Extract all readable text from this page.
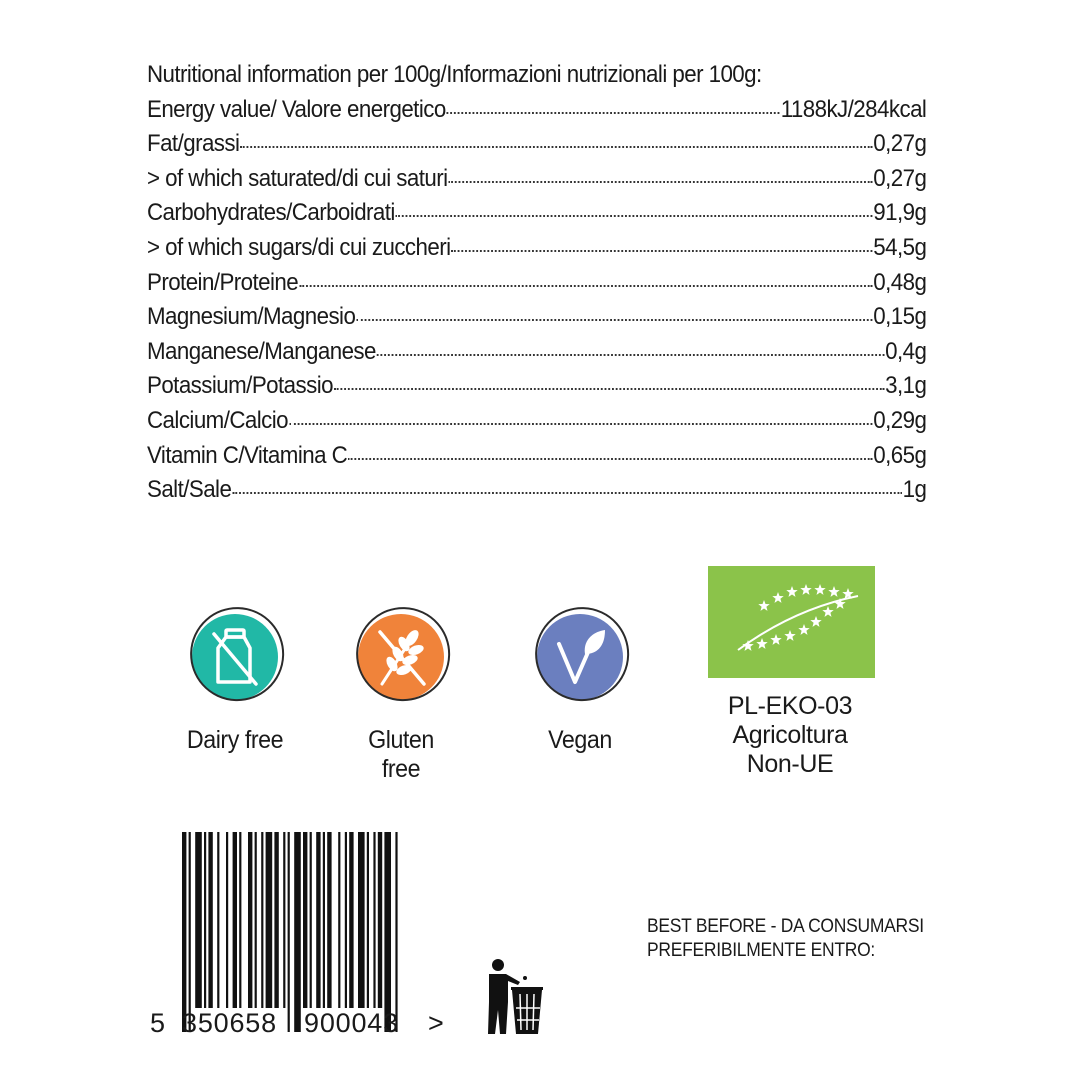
Nutritional information per 100g/Informazioni nutrizionali per 100g:
Energy value/ Valore energetico	1188kJ/284kcal
Fat/grassi	0,27g
> of which saturated/di cui saturi	0,27g
Carbohydrates/Carboidrati	91,9g
> of which sugars/di cui zuccheri	54,5g
Protein/Proteine	0,48g
Magnesium/Magnesio	0,15g
Manganese/Manganese	0,4g
Potassium/Potassio	3,1g
Calcium/Calcio	0,29g
Vitamin C/Vitamina C	0,65g
Salt/Sale	1g
Dairy free	Gluten free
Vegan
PL-EKO-03
Agricoltura
Non-UE
5 350658 900043 >
BEST BEFORE - DA CONSUMARSI
PREFERIBILMENTE ENTRO:
